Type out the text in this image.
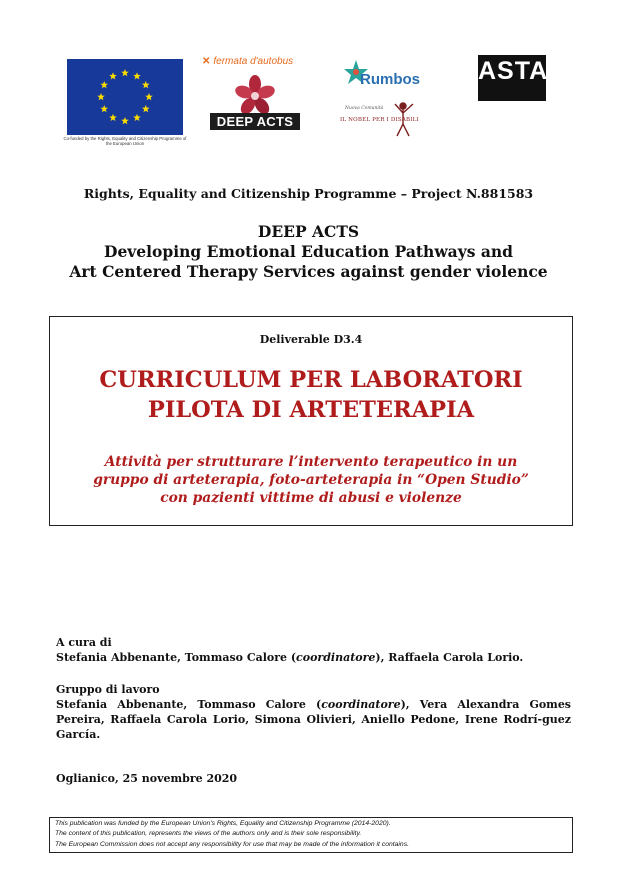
Co-funded by the Rights, Equality and Citizenship Programme of the European Union
✕ fermata d'autobus
DEEP ACTS
Rumbos
Nuova Comunità
IL NOBEL PER I DISABILI
ASTA
Rights, Equality and Citizenship Programme – Project N.881583
DEEP ACTS
Developing Emotional Education Pathways and
Art Centered Therapy Services against gender violence
Deliverable D3.4
CURRICULUM PER LABORATORI
PILOTA DI ARTETERAPIA
Attività per strutturare l’intervento terapeutico in un
gruppo di arteterapia, foto-arteterapia in “Open Studio”
con pazienti vittime di abusi e violenze
A cura di
Stefania Abbenante, Tommaso Calore (coordinatore), Raffaela Carola Lorio.
Gruppo di lavoro
Stefania Abbenante, Tommaso Calore (coordinatore), Vera Alexandra Gomes Pereira, Raffaela Carola Lorio, Simona Olivieri, Aniello Pedone, Irene Rodrí-guez García.
Oglianico, 25 novembre 2020
This publication was funded by the European Union's Rights, Equality and Citizenship Programme (2014-2020).
The content of this publication, represents the views of the authors only and is their sole responsibility.
The European Commission does not accept any responsibility for use that may be made of the information it contains.
